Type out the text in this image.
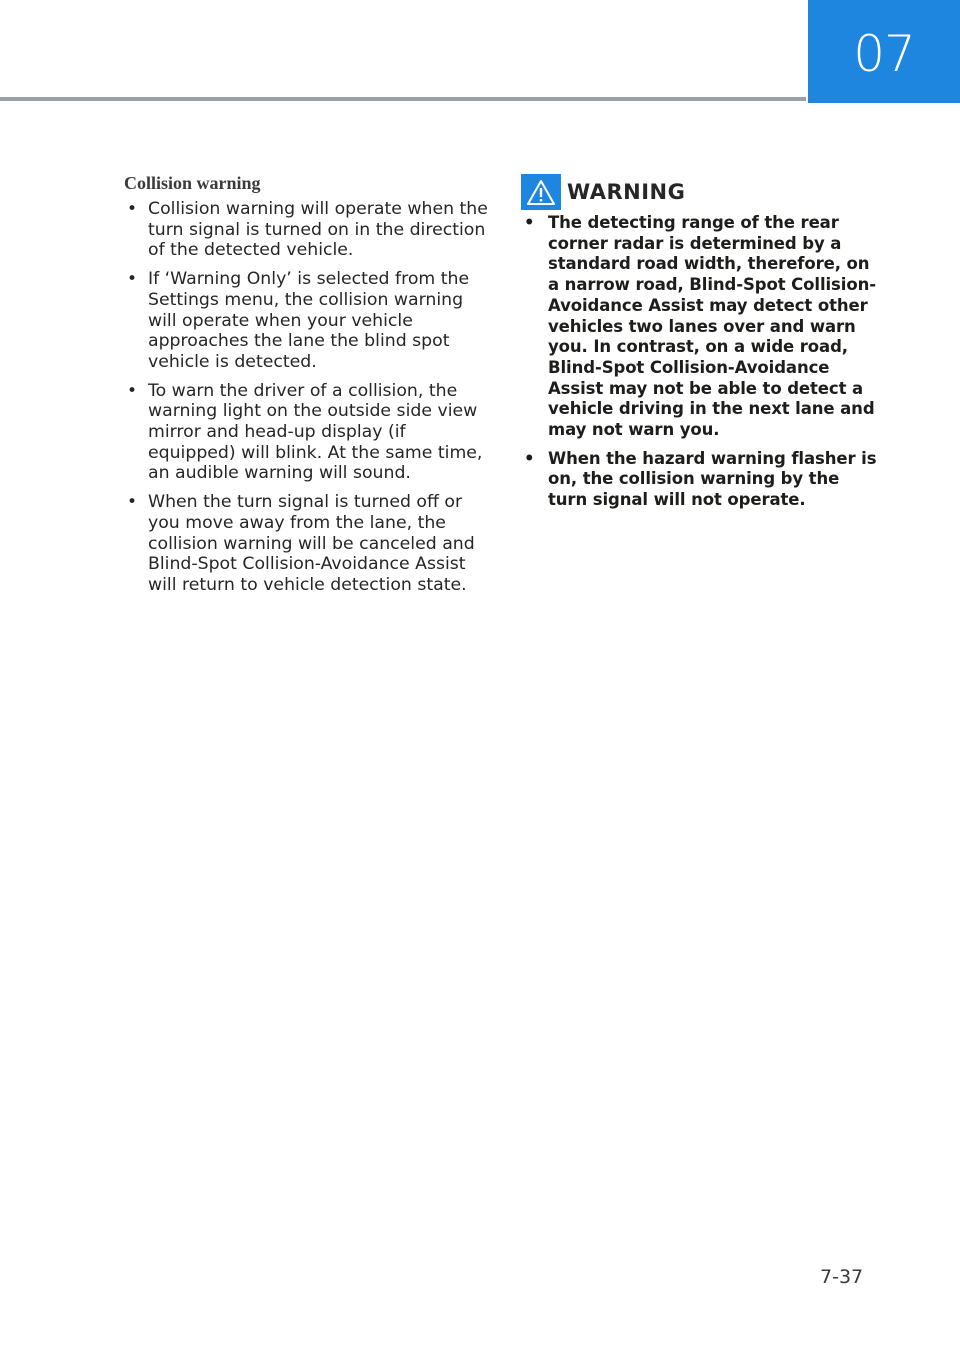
07
Collision warning
• Collision warning will operate when the turn signal is turned on in the direction of the detected vehicle.
• If ‘Warning Only’ is selected from the Settings menu, the collision warning will operate when your vehicle approaches the lane the blind spot vehicle is detected.
• To warn the driver of a collision, the warning light on the outside side view mirror and head-up display (if equipped) will blink. At the same time, an audible warning will sound.
• When the turn signal is turned off or you move away from the lane, the collision warning will be canceled and Blind-Spot Collision-Avoidance Assist will return to vehicle detection state.
WARNING
• The detecting range of the rear corner radar is determined by a standard road width, therefore, on a narrow road, Blind-Spot Collision-Avoidance Assist may detect other vehicles two lanes over and warn you. In contrast, on a wide road, Blind-Spot Collision-Avoidance Assist may not be able to detect a vehicle driving in the next lane and may not warn you.
• When the hazard warning flasher is on, the collision warning by the turn signal will not operate.
7-37
